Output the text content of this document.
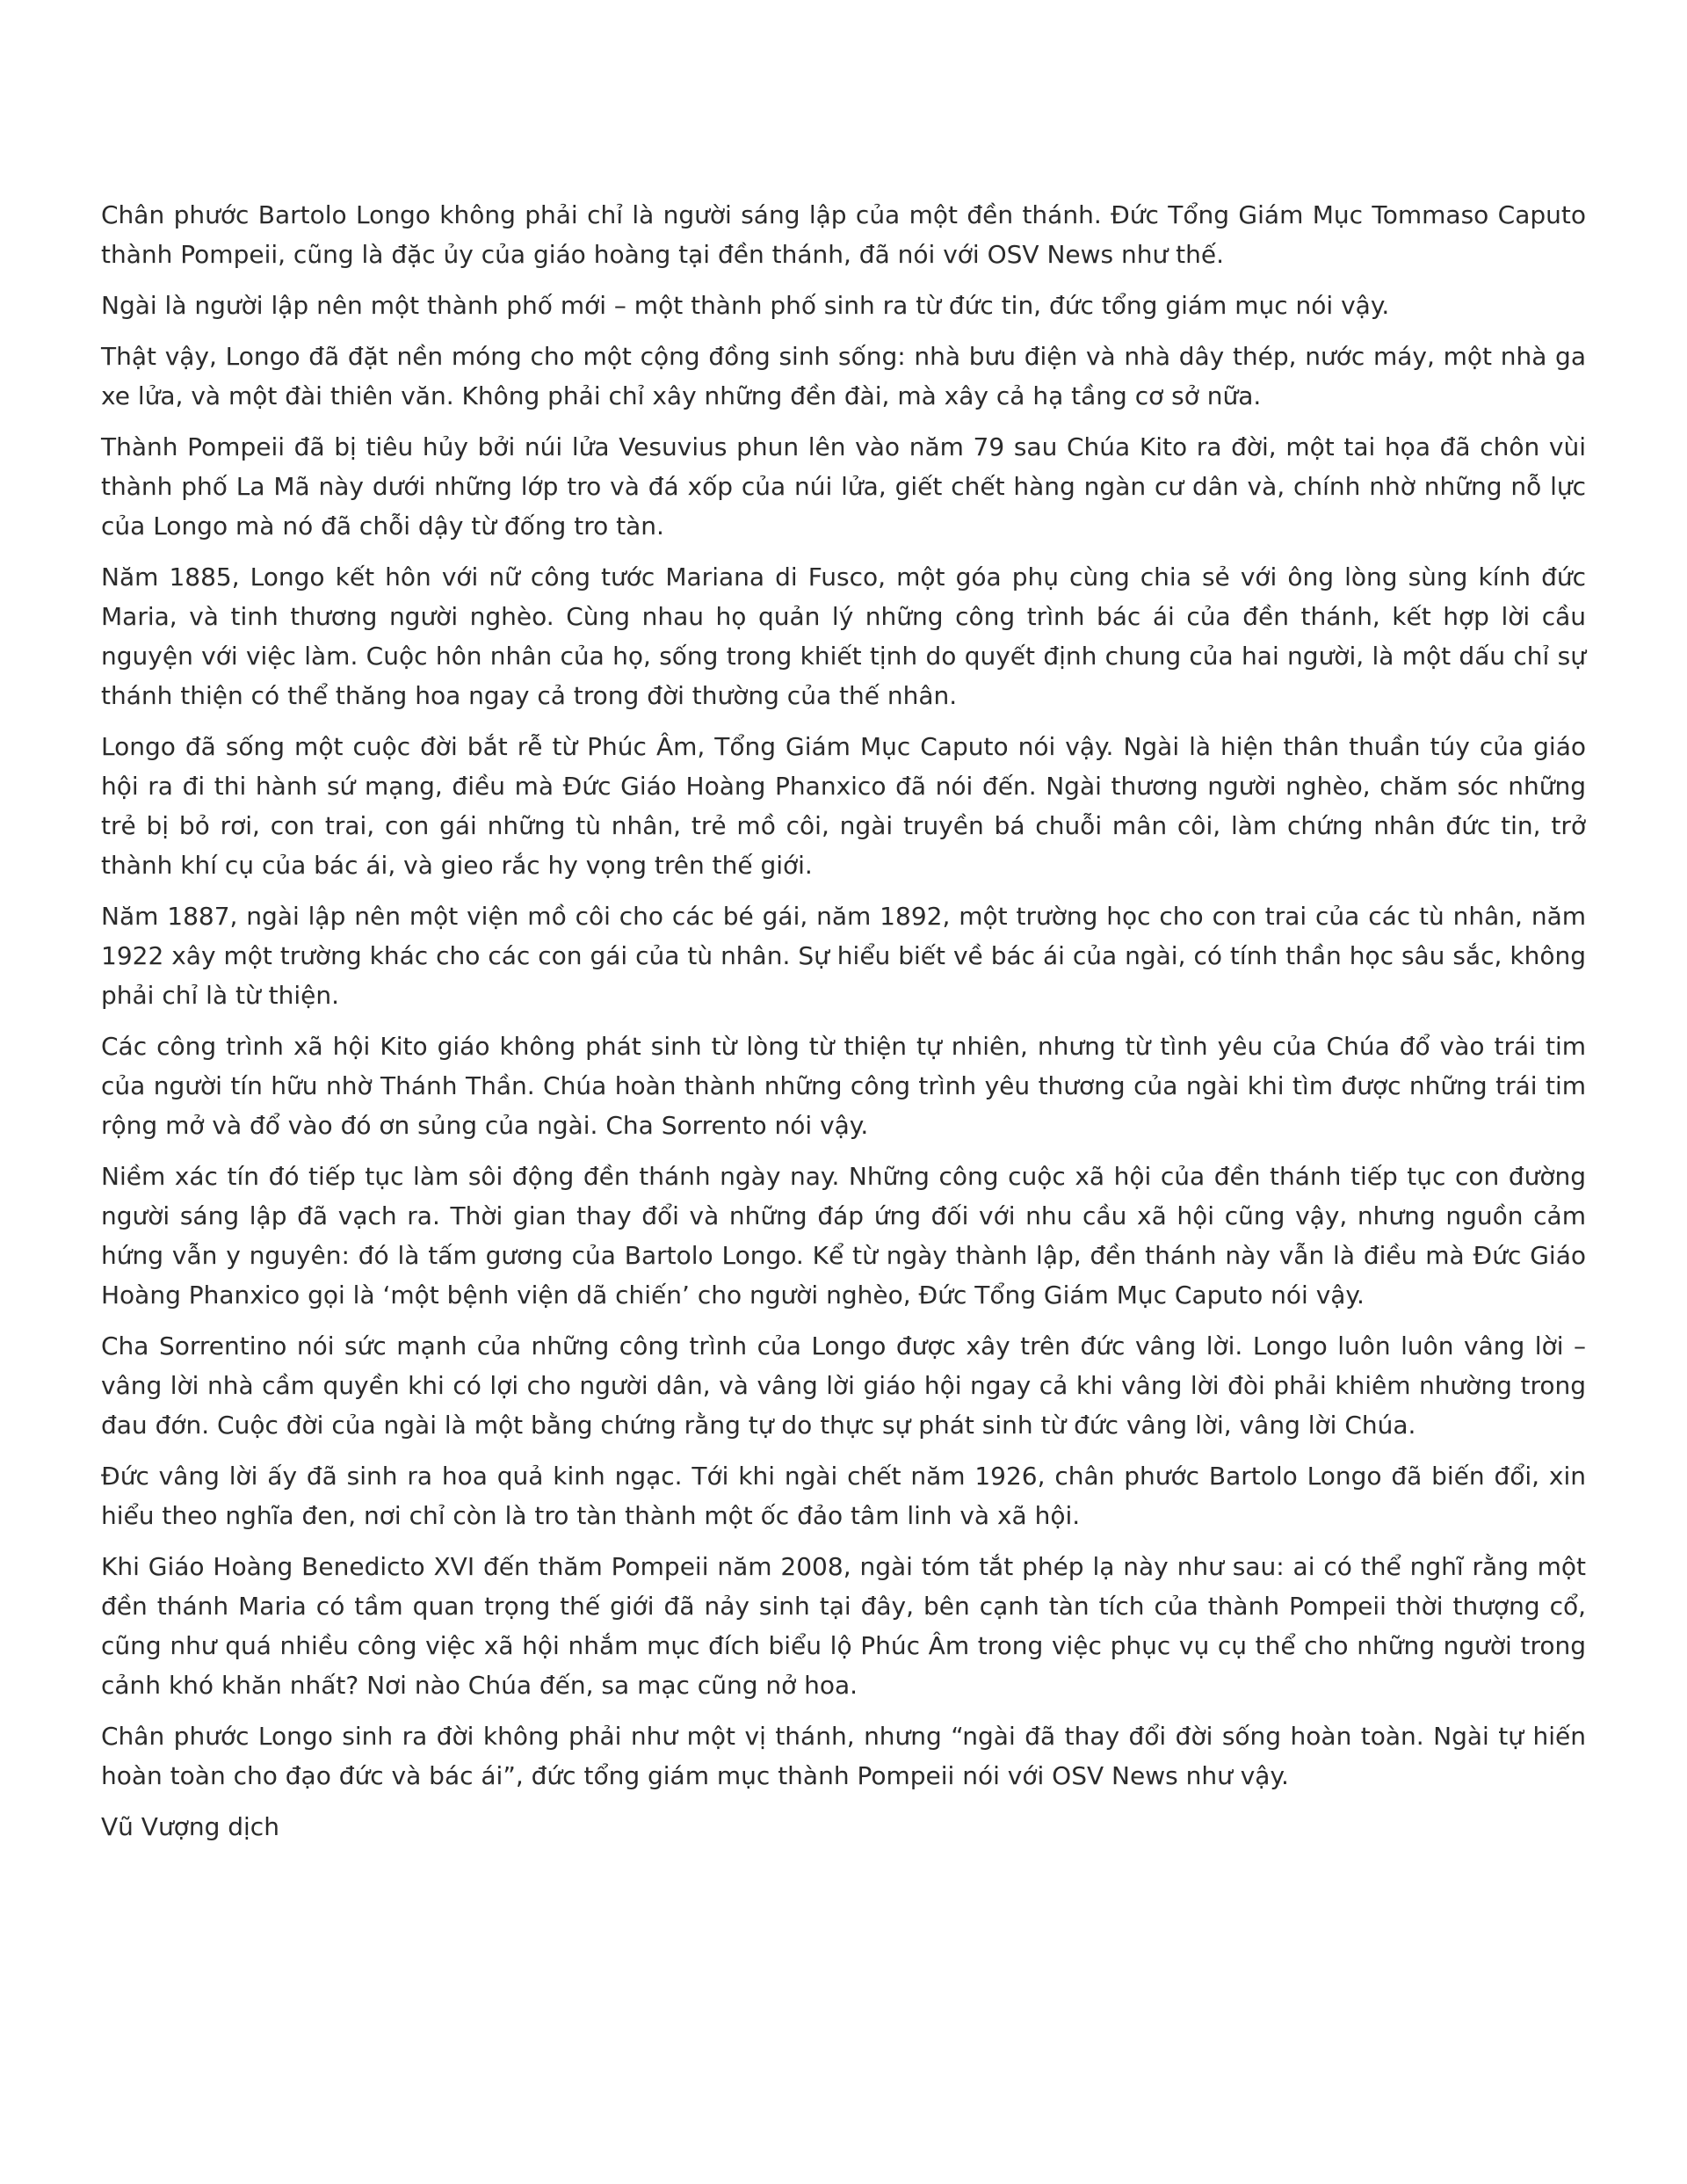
Chân phước Bartolo Longo không phải chỉ là người sáng lập của một đền thánh. Đức Tổng Giám Mục Tommaso Caputo thành Pompeii, cũng là đặc ủy của giáo hoàng tại đền thánh, đã nói với OSV News như thế.

Ngài là người lập nên một thành phố mới – một thành phố sinh ra từ đức tin, đức tổng giám mục nói vậy.

Thật vậy, Longo đã đặt nền móng cho một cộng đồng sinh sống: nhà bưu điện và nhà dây thép, nước máy, một nhà ga xe lửa, và một đài thiên văn. Không phải chỉ xây những đền đài, mà xây cả hạ tầng cơ sở nữa.

Thành Pompeii đã bị tiêu hủy bởi núi lửa Vesuvius phun lên vào năm 79 sau Chúa Kito ra đời, một tai họa đã chôn vùi thành phố La Mã này dưới những lớp tro và đá xốp của núi lửa, giết chết hàng ngàn cư dân và, chính nhờ những nỗ lực của Longo mà nó đã chỗi dậy từ đống tro tàn.

Năm 1885, Longo kết hôn với nữ công tước Mariana di Fusco, một góa phụ cùng chia sẻ với ông lòng sùng kính đức Maria, và tinh thương người nghèo. Cùng nhau họ quản lý những công trình bác ái của đền thánh, kết hợp lời cầu nguyện với việc làm. Cuộc hôn nhân của họ, sống trong khiết tịnh do quyết định chung của hai người, là một dấu chỉ sự thánh thiện có thể thăng hoa ngay cả trong đời thường của thế nhân.

Longo đã sống một cuộc đời bắt rễ từ Phúc Âm, Tổng Giám Mục Caputo nói vậy. Ngài là hiện thân thuần túy của giáo hội ra đi thi hành sứ mạng, điều mà Đức Giáo Hoàng Phanxico đã nói đến. Ngài thương người nghèo, chăm sóc những trẻ bị bỏ rơi, con trai, con gái những tù nhân, trẻ mồ côi, ngài truyền bá chuỗi mân côi, làm chứng nhân đức tin, trở thành khí cụ của bác ái, và gieo rắc hy vọng trên thế giới.

Năm 1887, ngài lập nên một viện mồ côi cho các bé gái, năm 1892, một trường học cho con trai của các tù nhân, năm 1922 xây một trường khác cho các con gái của tù nhân. Sự hiểu biết về bác ái của ngài, có tính thần học sâu sắc, không phải chỉ là từ thiện.

Các công trình xã hội Kito giáo không phát sinh từ lòng từ thiện tự nhiên, nhưng từ tình yêu của Chúa đổ vào trái tim của người tín hữu nhờ Thánh Thần. Chúa hoàn thành những công trình yêu thương của ngài khi tìm được những trái tim rộng mở và đổ vào đó ơn sủng của ngài. Cha Sorrento nói vậy.

Niềm xác tín đó tiếp tục làm sôi động đền thánh ngày nay. Những công cuộc xã hội của đền thánh tiếp tục con đường người sáng lập đã vạch ra. Thời gian thay đổi và những đáp ứng đối với nhu cầu xã hội cũng vậy, nhưng nguồn cảm hứng vẫn y nguyên: đó là tấm gương của Bartolo Longo. Kể từ ngày thành lập, đền thánh này vẫn là điều mà Đức Giáo Hoàng Phanxico gọi là ‘một bệnh viện dã chiến’ cho người nghèo, Đức Tổng Giám Mục Caputo nói vậy.

Cha Sorrentino nói sức mạnh của những công trình của Longo được xây trên đức vâng lời. Longo luôn luôn vâng lời – vâng lời nhà cầm quyền khi có lợi cho người dân, và vâng lời giáo hội ngay cả khi vâng lời đòi phải khiêm nhường trong đau đớn. Cuộc đời của ngài là một bằng chứng rằng tự do thực sự phát sinh từ đức vâng lời, vâng lời Chúa.

Đức vâng lời ấy đã sinh ra hoa quả kinh ngạc. Tới khi ngài chết năm 1926, chân phước Bartolo Longo đã biến đổi, xin hiểu theo nghĩa đen, nơi chỉ còn là tro tàn thành một ốc đảo tâm linh và xã hội.

Khi Giáo Hoàng Benedicto XVI đến thăm Pompeii năm 2008, ngài tóm tắt phép lạ này như sau: ai có thể nghĩ rằng một đền thánh Maria có tầm quan trọng thế giới đã nảy sinh tại đây, bên cạnh tàn tích của thành Pompeii thời thượng cổ, cũng như quá nhiều công việc xã hội nhắm mục đích biểu lộ Phúc Âm trong việc phục vụ cụ thể cho những người trong cảnh khó khăn nhất? Nơi nào Chúa đến, sa mạc cũng nở hoa.

Chân phước Longo sinh ra đời không phải như một vị thánh, nhưng “ngài đã thay đổi đời sống hoàn toàn. Ngài tự hiến hoàn toàn cho đạo đức và bác ái”, đức tổng giám mục thành Pompeii nói với OSV News như vậy.

Vũ Vượng dịch
